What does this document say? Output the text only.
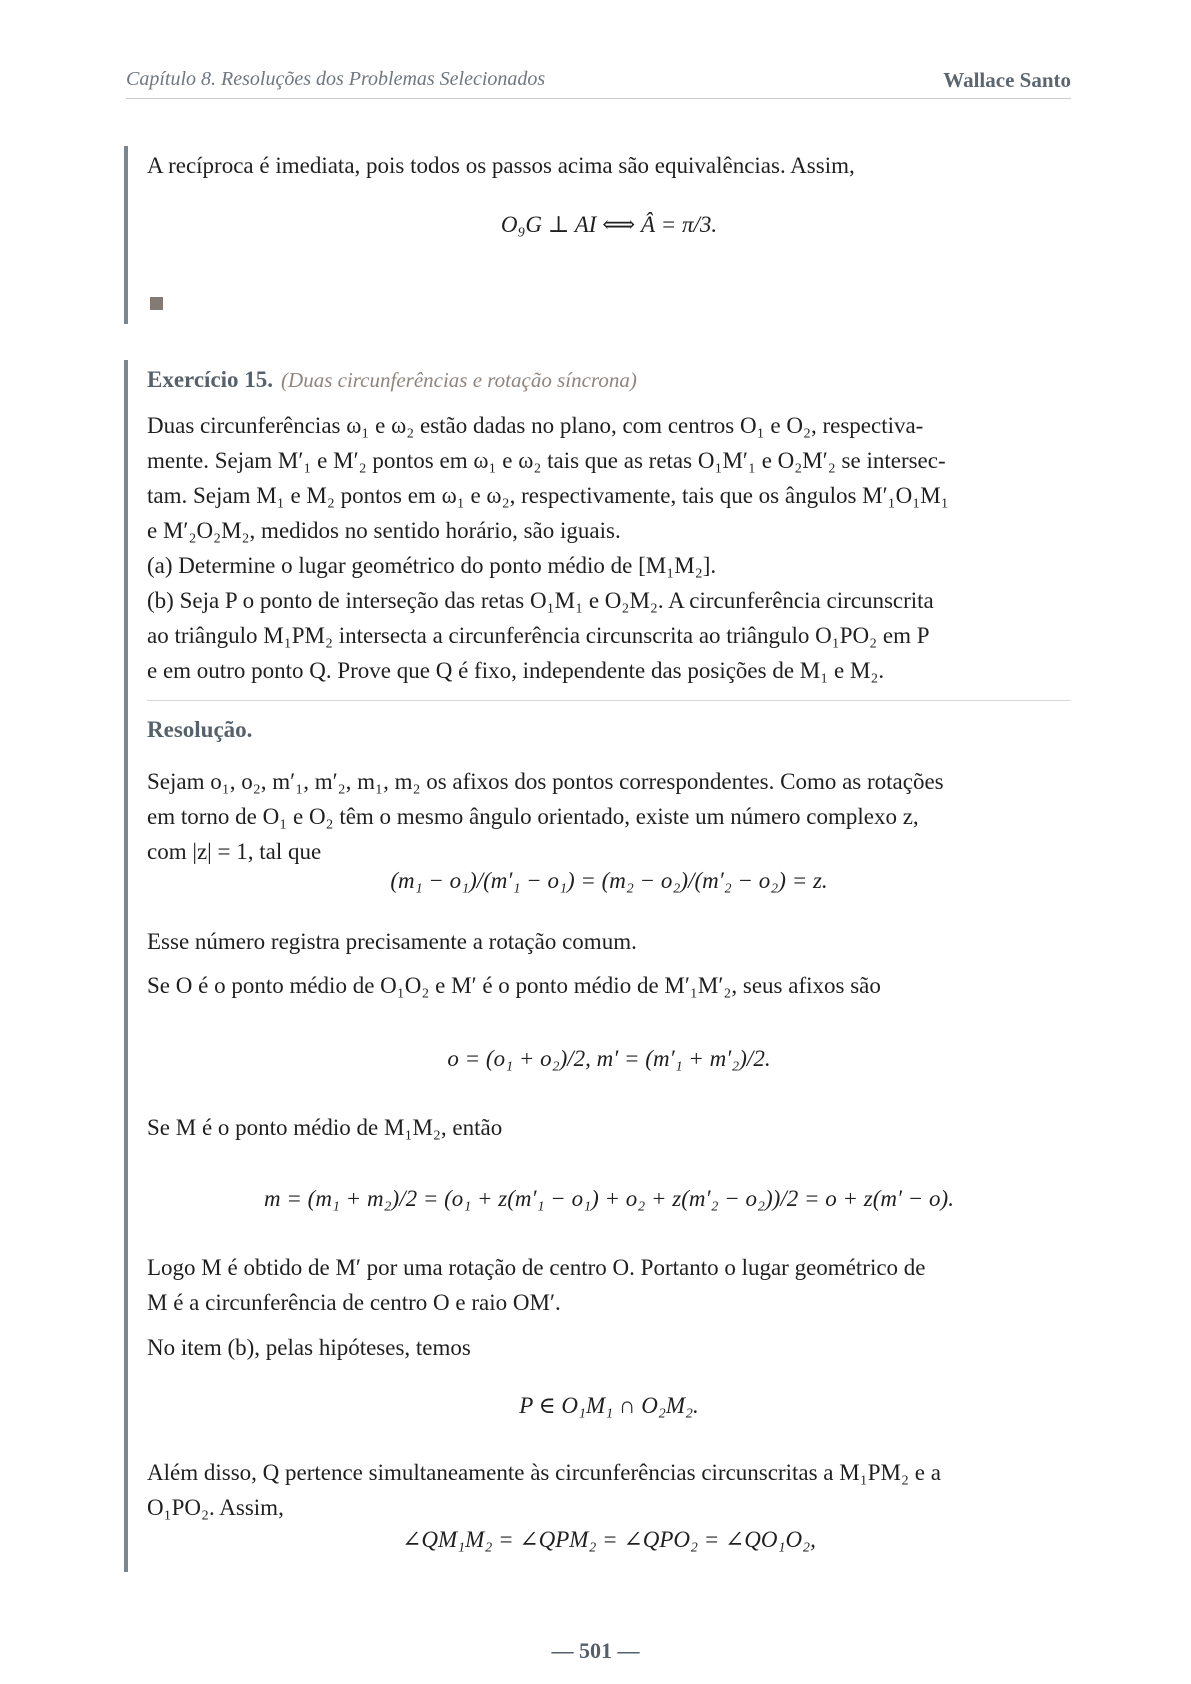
Capítulo 8. Resoluções dos Problemas Selecionados	Wallace Santo
A recíproca é imediata, pois todos os passos acima são equivalências. Assim,
O₉G ⊥ AI ⟺ Â = π/3.
Exercício 15. (Duas circunferências e rotação síncrona)
Duas circunferências ω₁ e ω₂ estão dadas no plano, com centros O₁ e O₂, respectiva-
mente. Sejam M′₁ e M′₂ pontos em ω₁ e ω₂ tais que as retas O₁M′₁ e O₂M′₂ se intersec-
tam. Sejam M₁ e M₂ pontos em ω₁ e ω₂, respectivamente, tais que os ângulos M′₁O₁M₁
e M′₂O₂M₂, medidos no sentido horário, são iguais.
(a) Determine o lugar geométrico do ponto médio de [M₁M₂].
(b) Seja P o ponto de interseção das retas O₁M₁ e O₂M₂. A circunferência circunscrita
ao triângulo M₁PM₂ intersecta a circunferência circunscrita ao triângulo O₁PO₂ em P
e em outro ponto Q. Prove que Q é fixo, independente das posições de M₁ e M₂.
Resolução.
Sejam o₁, o₂, m′₁, m′₂, m₁, m₂ os afixos dos pontos correspondentes. Como as rotações
em torno de O₁ e O₂ têm o mesmo ângulo orientado, existe um número complexo z,
com |z| = 1, tal que
(m₁ − o₁)/(m′₁ − o₁) = (m₂ − o₂)/(m′₂ − o₂) = z.
Esse número registra precisamente a rotação comum.
Se O é o ponto médio de O₁O₂ e M′ é o ponto médio de M′₁M′₂, seus afixos são
o = (o₁ + o₂)/2, m′ = (m′₁ + m′₂)/2.
Se M é o ponto médio de M₁M₂, então
m = (m₁ + m₂)/2 = (o₁ + z(m′₁ − o₁) + o₂ + z(m′₂ − o₂))/2 = o + z(m′ − o).
Logo M é obtido de M′ por uma rotação de centro O. Portanto o lugar geométrico de
M é a circunferência de centro O e raio OM′.
No item (b), pelas hipóteses, temos
P ∈ O₁M₁ ∩ O₂M₂.
Além disso, Q pertence simultaneamente às circunferências circunscritas a M₁PM₂ e a
O₁PO₂. Assim,
∠QM₁M₂ = ∠QPM₂ = ∠QPO₂ = ∠QO₁O₂,
— 501 —
